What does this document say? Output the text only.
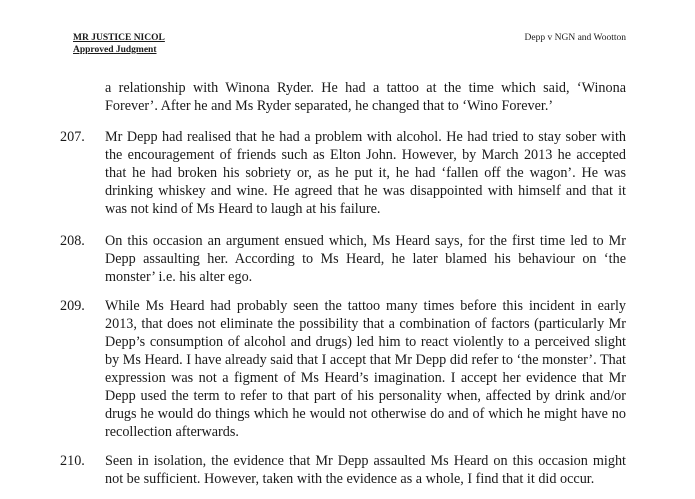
MR JUSTICE NICOL
Approved Judgment
Depp v NGN and Wootton
a relationship with Winona Ryder. He had a tattoo at the time which said, ‘Winona Forever’. After he and Ms Ryder separated, he changed that to ‘Wino Forever.’
207.	Mr Depp had realised that he had a problem with alcohol. He had tried to stay sober with the encouragement of friends such as Elton John. However, by March 2013 he accepted that he had broken his sobriety or, as he put it, he had ‘fallen off the wagon’. He was drinking whiskey and wine. He agreed that he was disappointed with himself and that it was not kind of Ms Heard to laugh at his failure.
208.	On this occasion an argument ensued which, Ms Heard says, for the first time led to Mr Depp assaulting her. According to Ms Heard, he later blamed his behaviour on ‘the monster’ i.e. his alter ego.
209.	While Ms Heard had probably seen the tattoo many times before this incident in early 2013, that does not eliminate the possibility that a combination of factors (particularly Mr Depp’s consumption of alcohol and drugs) led him to react violently to a perceived slight by Ms Heard. I have already said that I accept that Mr Depp did refer to ‘the monster’. That expression was not a figment of Ms Heard’s imagination. I accept her evidence that Mr Depp used the term to refer to that part of his personality when, affected by drink and/or drugs he would do things which he would not otherwise do and of which he might have no recollection afterwards.
210.	Seen in isolation, the evidence that Mr Depp assaulted Ms Heard on this occasion might not be sufficient. However, taken with the evidence as a whole, I find that it did occur.
